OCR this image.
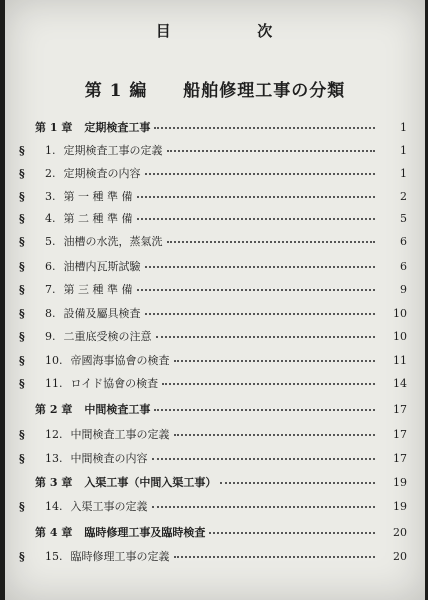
目	次
第 1 編 船舶修理工事の分類
第 1 章 定期検査工事	1
§ 1. 定期検査工事の定義	1
§ 2. 定期検査の内容	1
§ 3. 第 一 種 準 備	2
§ 4. 第 二 種 準 備	5
§ 5. 油槽の水洗，蒸氣洗	6
§ 6. 油槽内瓦斯試驗	6
§ 7. 第 三 種 準 備	9
§ 8. 設備及屬具検査	10
§ 9. 二重底受検の注意	10
§ 10. 帝國海事協會の検査	11
§ 11. ロイド協會の検査	14
第 2 章 中間検査工事	17
§ 12. 中間検査工事の定義	17
§ 13. 中間検査の内容	17
第 3 章 入渠工事（中間入渠工事）	19
§ 14. 入渠工事の定義	19
第 4 章 臨時修理工事及臨時検査	20
§ 15. 臨時修理工事の定義	20
